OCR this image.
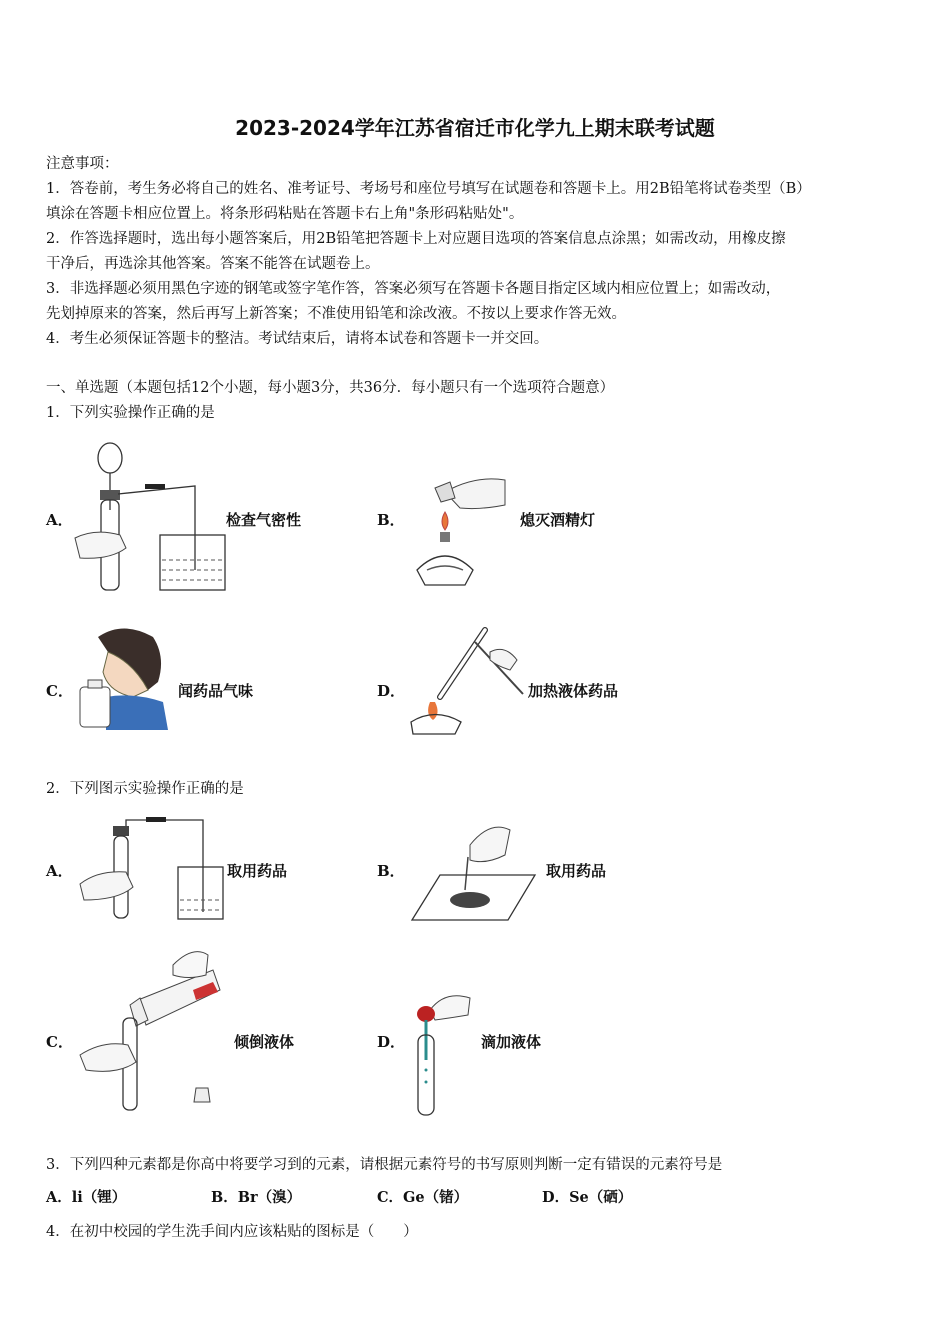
2023-2024学年江苏省宿迁市化学九上期末联考试题
注意事项：
1．答卷前，考生务必将自己的姓名、准考证号、考场号和座位号填写在试题卷和答题卡上。用2B铅笔将试卷类型（B）
填涂在答题卡相应位置上。将条形码粘贴在答题卡右上角"条形码粘贴处"。
2．作答选择题时，选出每小题答案后，用2B铅笔把答题卡上对应题目选项的答案信息点涂黑；如需改动，用橡皮擦
干净后，再选涂其他答案。答案不能答在试题卷上。
3．非选择题必须用黑色字迹的钢笔或签字笔作答，答案必须写在答题卡各题目指定区域内相应位置上；如需改动，
先划掉原来的答案，然后再写上新答案；不准使用铅笔和涂改液。不按以上要求作答无效。
4．考生必须保证答题卡的整洁。考试结束后，请将本试卷和答题卡一并交回。
一、单选题（本题包括12个小题，每小题3分，共36分．每小题只有一个选项符合题意）
1．下列实验操作正确的是
A．	检查气密性	B．	熄灭酒精灯
C．	闻药品气味	D．	加热液体药品
2．下列图示实验操作正确的是
A．	取用药品	B．	取用药品
C．	倾倒液体	D．	滴加液体
3．下列四种元素都是你高中将要学习到的元素，请根据元素符号的书写原则判断一定有错误的元素符号是
A．li（锂）	B．Br（溴）	C．Ge（锗）	D．Se（硒）
4．在初中校园的学生洗手间内应该粘贴的图标是（　　）
